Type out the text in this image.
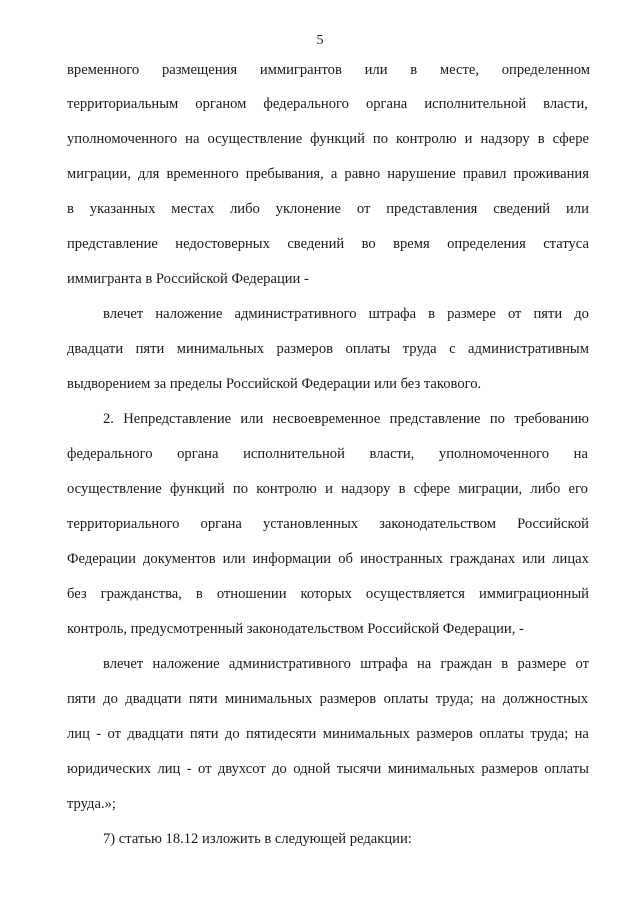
5
временного размещения иммигрантов или в месте, определенном
территориальным органом федерального органа исполнительной власти,
уполномоченного на осуществление функций по контролю и надзору в сфере
миграции, для временного пребывания, а равно нарушение правил проживания
в указанных местах либо уклонение от представления сведений или
представление недостоверных сведений во время определения статуса
иммигранта в Российской Федерации -
влечет наложение административного штрафа в размере от пяти до
двадцати пяти минимальных размеров оплаты труда с административным
выдворением за пределы Российской Федерации или без такового.
2. Непредставление или несвоевременное представление по требованию
федерального органа исполнительной власти, уполномоченного на
осуществление функций по контролю и надзору в сфере миграции, либо его
территориального органа установленных законодательством Российской
Федерации документов или информации об иностранных гражданах или лицах
без гражданства, в отношении которых осуществляется иммиграционный
контроль, предусмотренный законодательством Российской Федерации, -
влечет наложение административного штрафа на граждан в размере от
пяти до двадцати пяти минимальных размеров оплаты труда; на должностных
лиц - от двадцати пяти до пятидесяти минимальных размеров оплаты труда; на
юридических лиц - от двухсот до одной тысячи минимальных размеров оплаты
труда.»;
7) статью 18.12 изложить в следующей редакции:
